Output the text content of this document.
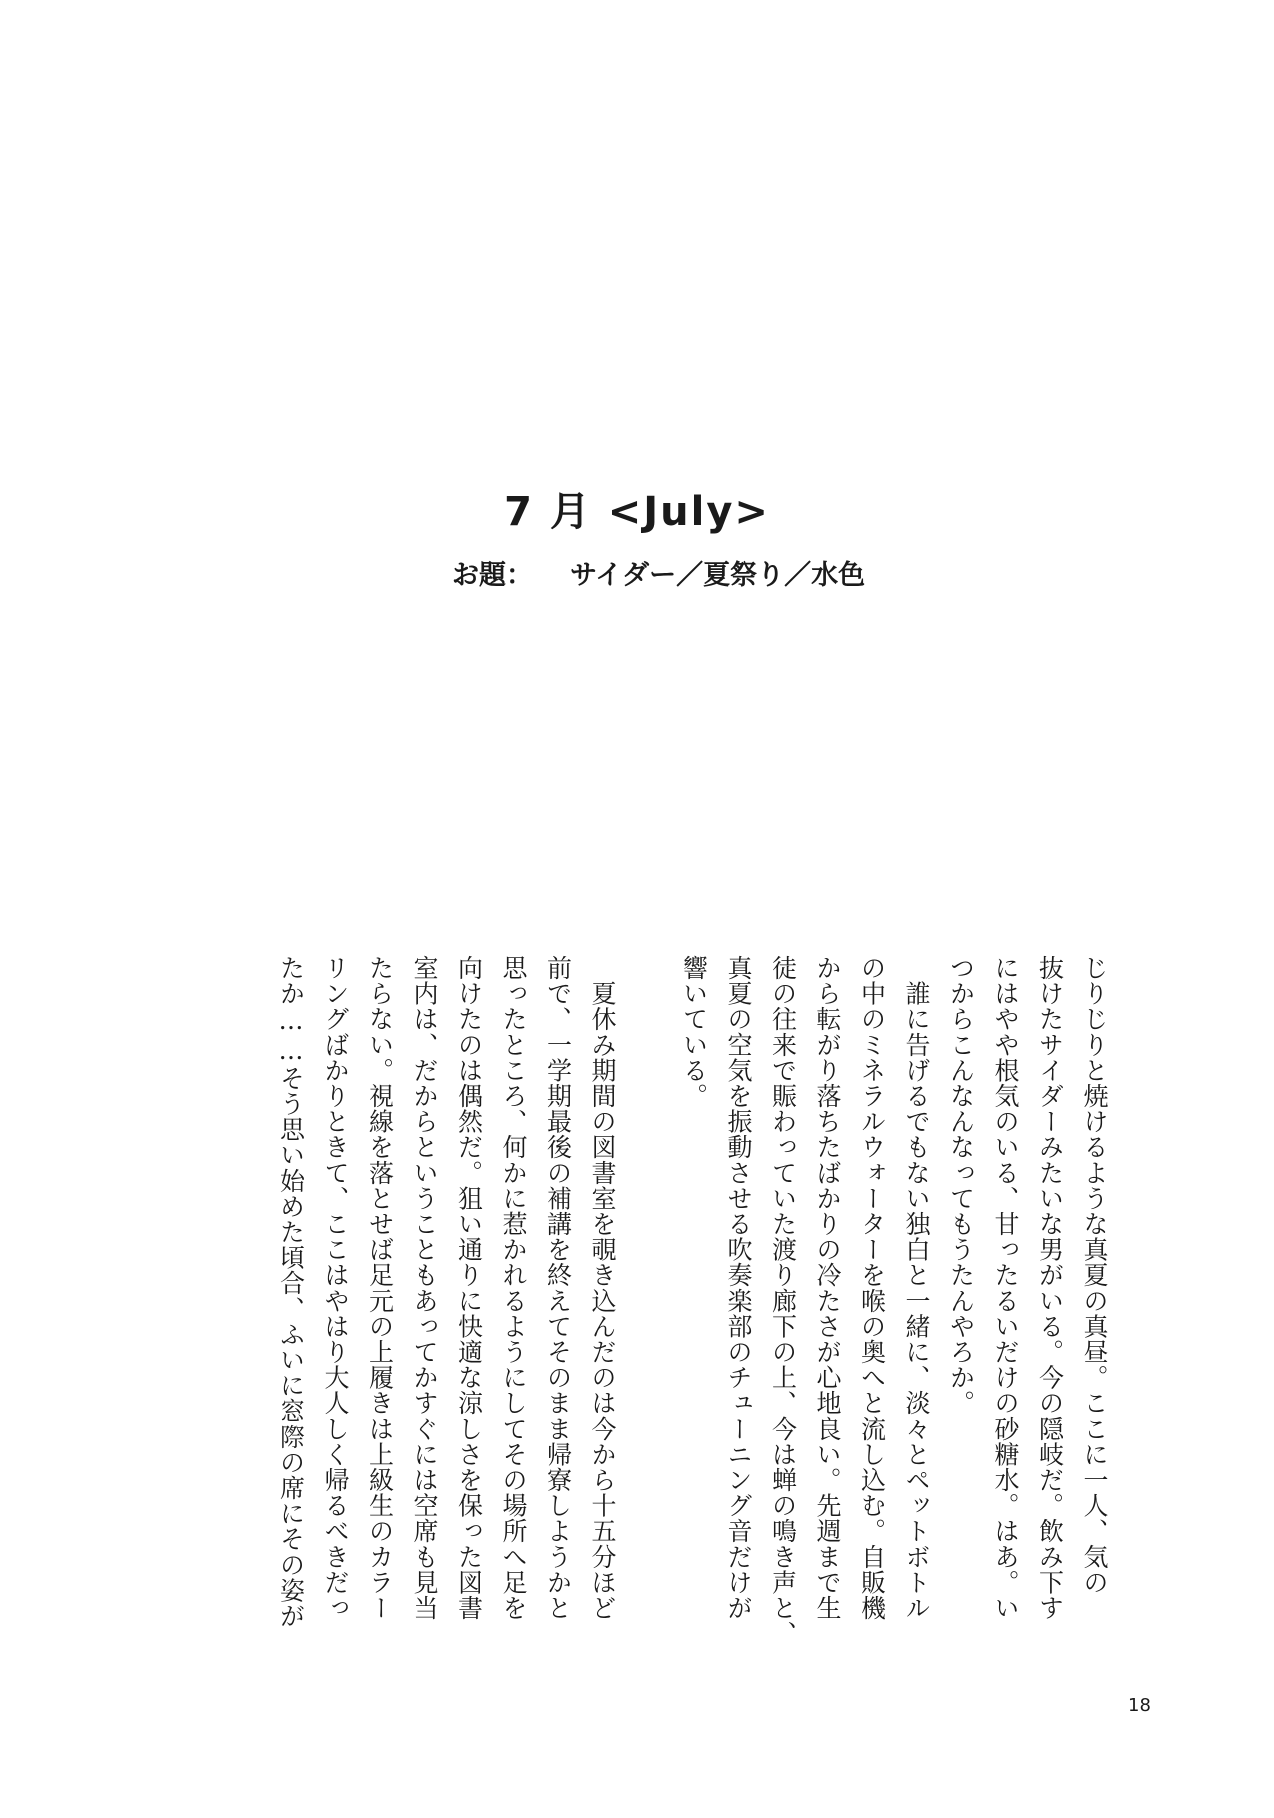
7 月 <July>

お題： サイダー／夏祭り／水色

じりじりと焼けるような真夏の真昼。ここに一人、気の
抜けたサイダーみたいな男がいる。今の隠岐だ。飲み下す
にはやや根気のいる、甘ったるいだけの砂糖水。はあ。い
つからこんなんなってもうたんやろか。
　誰に告げるでもない独白と一緒に、淡々とペットボトル
の中のミネラルウォーターを喉の奥へと流し込む。自販機
から転がり落ちたばかりの冷たさが心地良い。先週まで生
徒の往来で賑わっていた渡り廊下の上、今は蝉の鳴き声と、
真夏の空気を振動させる吹奏楽部のチューニング音だけが
響いている。
　夏休み期間の図書室を覗き込んだのは今から十五分ほど
前で、一学期最後の補講を終えてそのまま帰寮しようかと
思ったところ、何かに惹かれるようにしてその場所へ足を
向けたのは偶然だ。狙い通りに快適な涼しさを保った図書
室内は、だからということもあってかすぐには空席も見当
たらない。視線を落とせば足元の上履きは上級生のカラー
リングばかりときて、ここはやはり大人しく帰るべきだっ
たか……そう思い始めた頃合、ふいに窓際の席にその姿が

18
